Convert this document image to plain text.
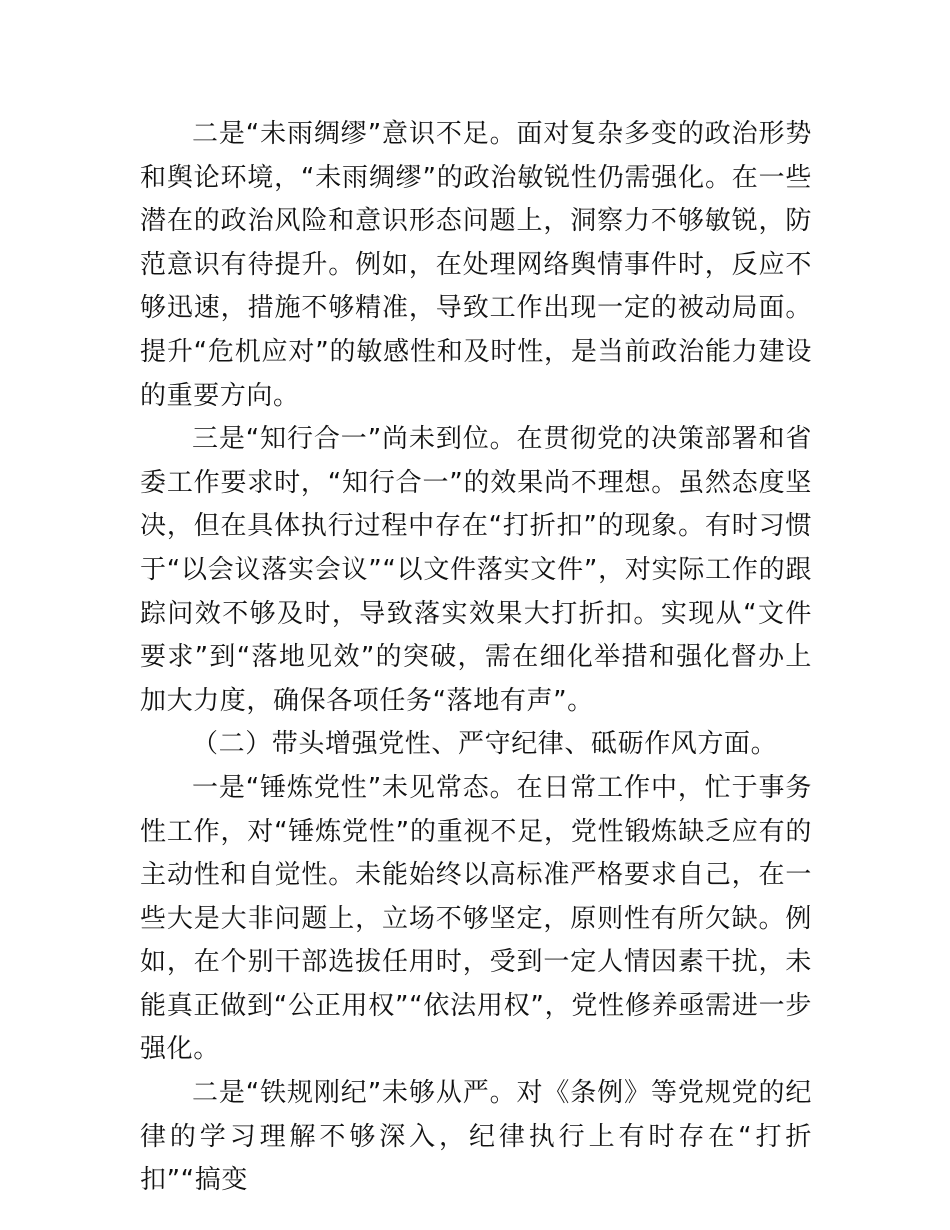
二是“未雨绸缪”意识不足。面对复杂多变的政治形势和舆论环境，“未雨绸缪”的政治敏锐性仍需强化。在一些潜在的政治风险和意识形态问题上，洞察力不够敏锐，防范意识有待提升。例如，在处理网络舆情事件时，反应不够迅速，措施不够精准，导致工作出现一定的被动局面。提升“危机应对”的敏感性和及时性，是当前政治能力建设的重要方向。

三是“知行合一”尚未到位。在贯彻党的决策部署和省委工作要求时，“知行合一”的效果尚不理想。虽然态度坚决，但在具体执行过程中存在“打折扣”的现象。有时习惯于“以会议落实会议”“以文件落实文件”，对实际工作的跟踪问效不够及时，导致落实效果大打折扣。实现从“文件要求”到“落地见效”的突破，需在细化举措和强化督办上加大力度，确保各项任务“落地有声”。

（二）带头增强党性、严守纪律、砥砺作风方面。

一是“锤炼党性”未见常态。在日常工作中，忙于事务性工作，对“锤炼党性”的重视不足，党性锻炼缺乏应有的主动性和自觉性。未能始终以高标准严格要求自己，在一些大是大非问题上，立场不够坚定，原则性有所欠缺。例如，在个别干部选拔任用时，受到一定人情因素干扰，未能真正做到“公正用权”“依法用权”，党性修养亟需进一步强化。

二是“铁规刚纪”未够从严。对《条例》等党规党的纪律的学习理解不够深入，纪律执行上有时存在“打折扣”“搞变
